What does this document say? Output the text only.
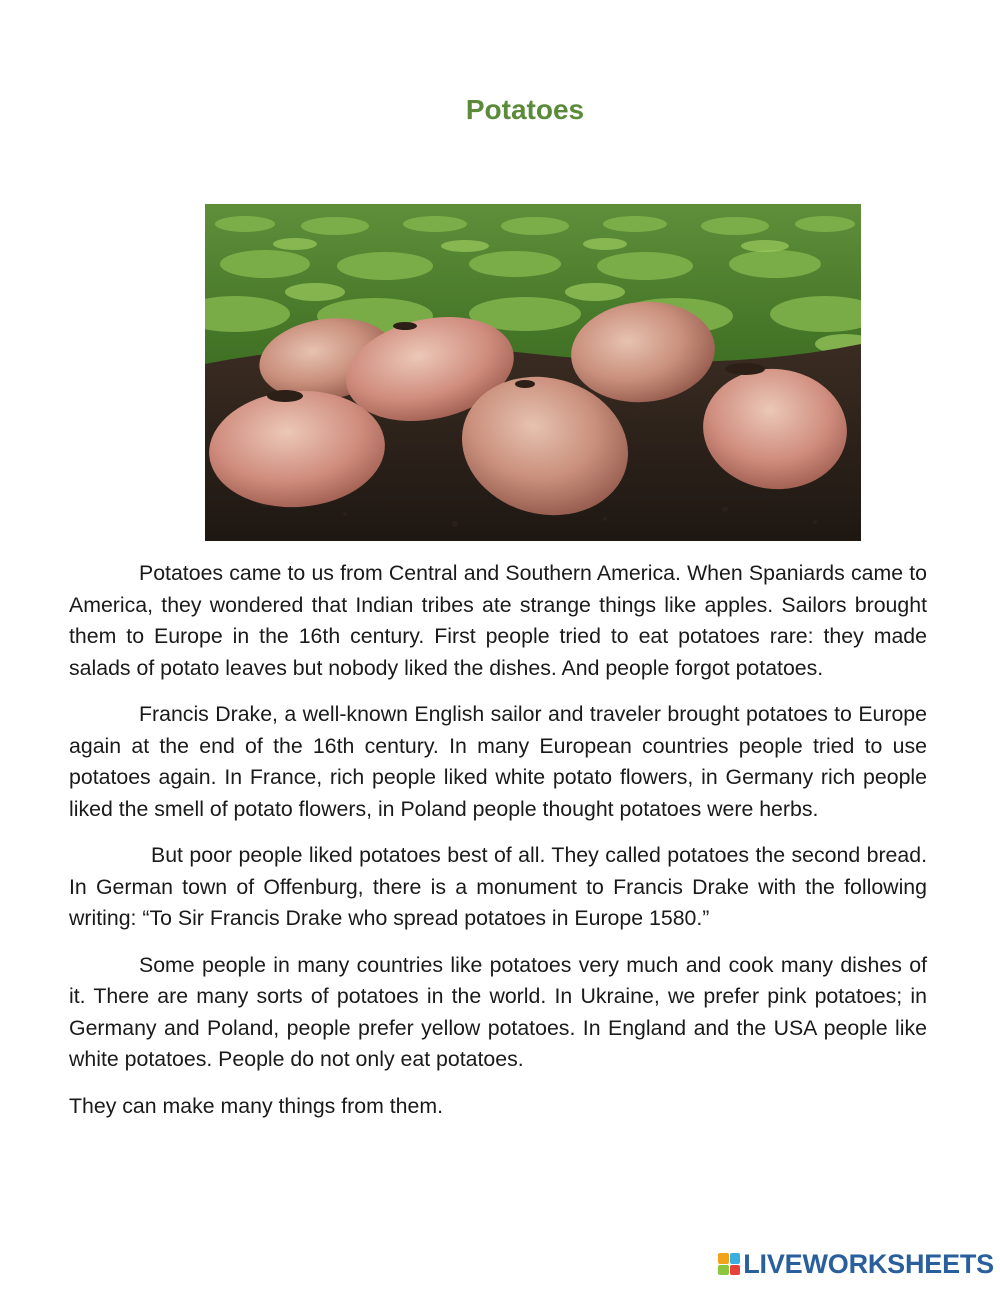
Potatoes

Potatoes came to us from Central and Southern America. When Spaniards came to America, they wondered that Indian tribes ate strange things like apples. Sailors brought them to Europe in the 16th century. First people tried to eat potatoes rare: they made salads of potato leaves but nobody liked the dishes. And people forgot potatoes.

Francis Drake, a well-known English sailor and traveler brought potatoes to Europe again at the end of the 16th century. In many European countries people tried to use potatoes again. In France, rich people liked white potato flowers, in Germany rich people liked the smell of potato flowers, in Poland people thought potatoes were herbs.

But poor people liked potatoes best of all. They called potatoes the second bread. In German town of Offenburg, there is a monument to Francis Drake with the following writing: “To Sir Francis Drake who spread potatoes in Europe 1580.”

Some people in many countries like potatoes very much and cook many dishes of it. There are many sorts of potatoes in the world. In Ukraine, we prefer pink potatoes; in Germany and Poland, people prefer yellow potatoes. In England and the USA people like white potatoes. People do not only eat potatoes.

They can make many things from them.

LIVEWORKSHEETS
